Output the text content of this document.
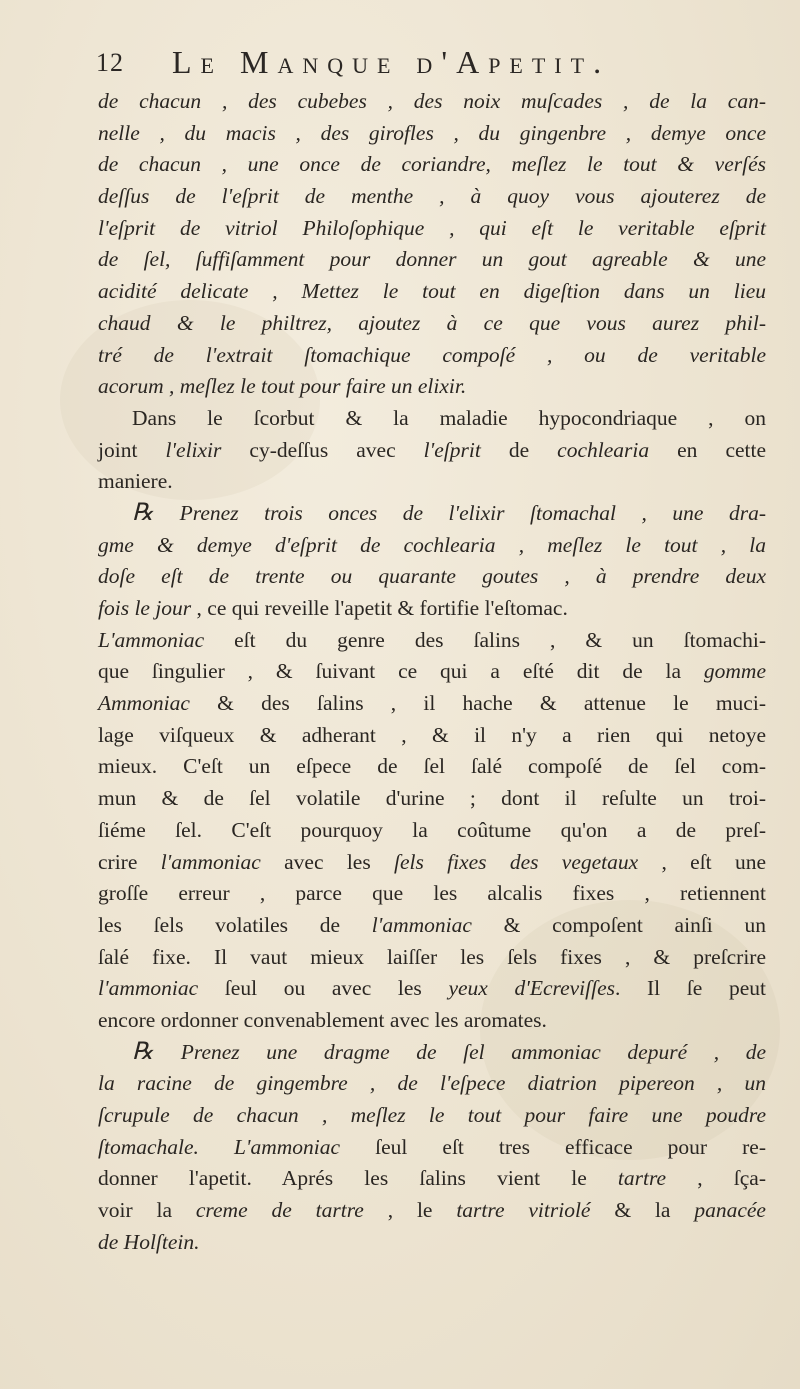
12 Le Manque d'Apetit.
de chacun , des cubebes , des noix muſcades , de la can-
nelle , du macis , des girofles , du gingenbre , demye once
de chacun , une once de coriandre, meſlez le tout & verſés
deſſus de l'eſprit de menthe , à quoy vous ajouterez de
l'eſprit de vitriol Philoſophique , qui eſt le veritable eſprit
de ſel, ſuffiſamment pour donner un gout agreable & une
acidité delicate , Mettez le tout en digeſtion dans un lieu
chaud & le philtrez, ajoutez à ce que vous aurez phil-
tré de l'extrait ſtomachique compoſé , ou de veritable
acorum , meſlez le tout pour faire un elixir.
Dans le ſcorbut & la maladie hypocondriaque , on
joint l'elixir cy-deſſus avec l'eſprit de cochlearia en cette
maniere.
℞ Prenez trois onces de l'elixir ſtomachal , une dra-
gme & demye d'eſprit de cochlearia , meſlez le tout , la
doſe eſt de trente ou quarante goutes , à prendre deux
fois le jour , ce qui reveille l'apetit & fortifie l'eſtomac.
L'ammoniac eſt du genre des ſalins , & un ſtomachi-
que ſingulier , & ſuivant ce qui a eſté dit de la gomme
Ammoniac & des ſalins , il hache & attenue le muci-
lage viſqueux & adherant , & il n'y a rien qui netoye
mieux. C'eſt un eſpece de ſel ſalé compoſé de ſel com-
mun & de ſel volatile d'urine ; dont il reſulte un troi-
ſiéme ſel. C'eſt pourquoy la coûtume qu'on a de preſ-
crire l'ammoniac avec les ſels fixes des vegetaux , eſt une
groſſe erreur , parce que les alcalis fixes , retiennent
les ſels volatiles de l'ammoniac & compoſent ainſi un
ſalé fixe. Il vaut mieux laiſſer les ſels fixes , & preſcrire
l'ammoniac ſeul ou avec les yeux d'Ecreviſſes. Il ſe peut
encore ordonner convenablement avec les aromates.
℞ Prenez une dragme de ſel ammoniac depuré , de
la racine de gingembre , de l'eſpece diatrion pipereon , un
ſcrupule de chacun , meſlez le tout pour faire une poudre
ſtomachale. L'ammoniac ſeul eſt tres efficace pour re-
donner l'apetit. Aprés les ſalins vient le tartre , ſça-
voir la creme de tartre , le tartre vitriolé & la panacée
de Holſtein.
